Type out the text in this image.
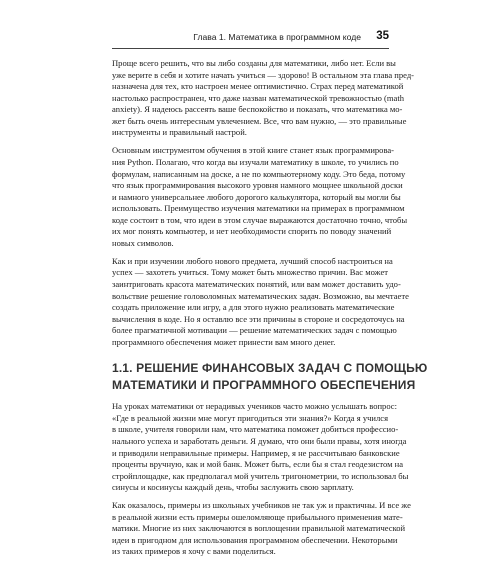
Глава 1. Математика в программном коде 35
Проще всего решить, что вы либо созданы для математики, либо нет. Если вы
уже верите в себя и хотите начать учиться — здорово! В остальном эта глава пред-
назначена для тех, кто настроен менее оптимистично. Страх перед математикой
настолько распространен, что даже назван математической тревожностью (math
anxiety). Я надеюсь рассеять ваше беспокойство и показать, что математика мо-
жет быть очень интересным увлечением. Все, что вам нужно, — это правильные
инструменты и правильный настрой.
Основным инструментом обучения в этой книге станет язык программирова-
ния Python. Полагаю, что когда вы изучали математику в школе, то учились по
формулам, написанным на доске, а не по компьютерному коду. Это беда, потому
что язык программирования высокого уровня намного мощнее школьной доски
и намного универсальнее любого дорогого калькулятора, который вы могли бы
использовать. Преимущество изучения математики на примерах в программном
коде состоит в том, что идеи в этом случае выражаются достаточно точно, чтобы
их мог понять компьютер, и нет необходимости спорить по поводу значений
новых символов.
Как и при изучении любого нового предмета, лучший способ настроиться на
успех — захотеть учиться. Тому может быть множество причин. Вас может
заинтриговать красота математических понятий, или вам может доставить удо-
вольствие решение головоломных математических задач. Возможно, вы мечтаете
создать приложение или игру, а для этого нужно реализовать математические
вычисления в коде. Но я оставлю все эти причины в стороне и сосредоточусь на
более прагматичной мотивации — решение математических задач с помощью
программного обеспечения может принести вам много денег.
1.1. РЕШЕНИЕ ФИНАНСОВЫХ ЗАДАЧ С ПОМОЩЬЮ
МАТЕМАТИКИ И ПРОГРАММНОГО ОБЕСПЕЧЕНИЯ
На уроках математики от нерадивых учеников часто можно услышать вопрос:
«Где в реальной жизни мне могут пригодиться эти знания?» Когда я учился
в школе, учителя говорили нам, что математика поможет добиться профессио-
нального успеха и заработать деньги. Я думаю, что они были правы, хотя иногда
и приводили неправильные примеры. Например, я не рассчитываю банковские
проценты вручную, как и мой банк. Может быть, если бы я стал геодезистом на
стройплощадке, как предполагал мой учитель тригонометрии, то использовал бы
синусы и косинусы каждый день, чтобы заслужить свою зарплату.
Как оказалось, примеры из школьных учебников не так уж и практичны. И все же
в реальной жизни есть примеры ошеломляюще прибыльного применения мате-
матики. Многие из них заключаются в воплощении правильной математической
идеи в пригодном для использования программном обеспечении. Некоторыми
из таких примеров я хочу с вами поделиться.
